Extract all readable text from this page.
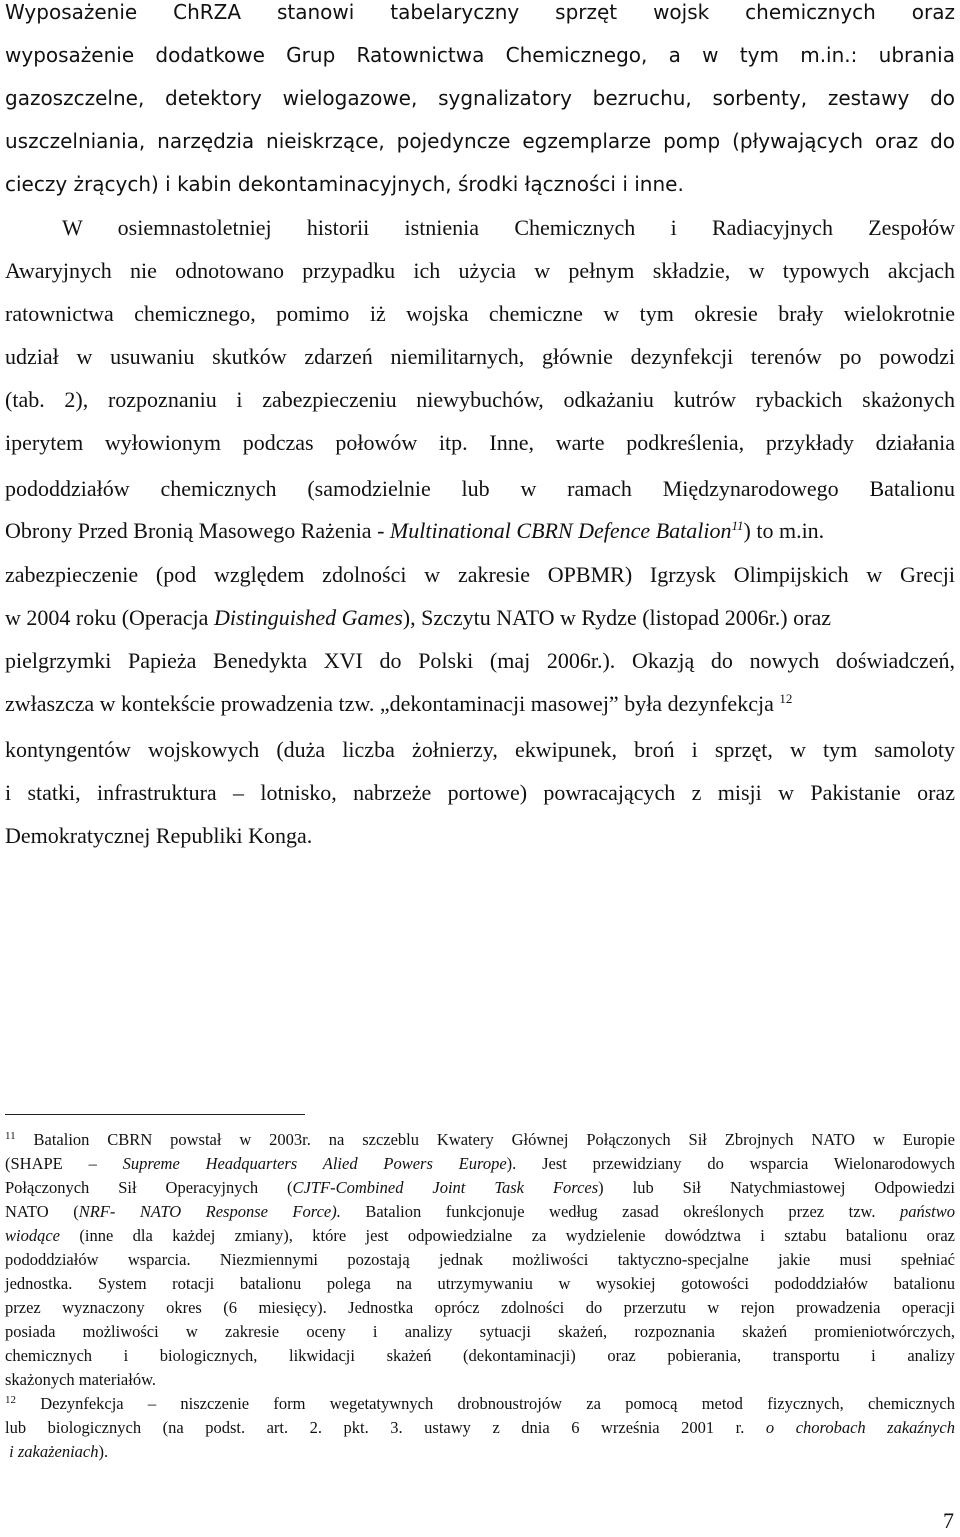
Wyposażenie ChRZA stanowi tabelaryczny sprzęt wojsk chemicznych oraz
wyposażenie dodatkowe Grup Ratownictwa Chemicznego, a w tym m.in.: ubrania
gazoszczelne, detektory wielogazowe, sygnalizatory bezruchu, sorbenty, zestawy do
uszczelniania, narzędzia nieiskrzące, pojedyncze egzemplarze pomp (pływających oraz do
cieczy żrących) i kabin dekontaminacyjnych, środki łączności i inne.
W osiemnastoletniej historii istnienia Chemicznych i Radiacyjnych Zespołów
Awaryjnych nie odnotowano przypadku ich użycia w pełnym składzie, w typowych akcjach
ratownictwa chemicznego, pomimo iż wojska chemiczne w tym okresie brały wielokrotnie
udział w usuwaniu skutków zdarzeń niemilitarnych, głównie dezynfekcji terenów po powodzi
(tab. 2), rozpoznaniu i zabezpieczeniu niewybuchów, odkażaniu kutrów rybackich skażonych
iperytem wyłowionym podczas połowów itp. Inne, warte podkreślenia, przykłady działania
pododdziałów chemicznych (samodzielnie lub w ramach Międzynarodowego Batalionu
Obrony Przed Bronią Masowego Rażenia - Multinational CBRN Defence Batalion$^{11}$) to m.in.
zabezpieczenie (pod względem zdolności w zakresie OPBMR) Igrzysk Olimpijskich w Grecji
w 2004 roku (Operacja Distinguished Games), Szczytu NATO w Rydze (listopad 2006r.) oraz
pielgrzymki Papieża Benedykta XVI do Polski (maj 2006r.). Okazją do nowych doświadczeń,
zwłaszcza w kontekście prowadzenia tzw. „dekontaminacji masowej” była dezynfekcja $^{12}$
kontyngentów wojskowych (duża liczba żołnierzy, ekwipunek, broń i sprzęt, w tym samoloty
i statki, infrastruktura – lotnisko, nabrzeże portowe) powracających z misji w Pakistanie oraz
Demokratycznej Republiki Konga.
$^{11}$ Batalion CBRN powstał w 2003r. na szczeblu Kwatery Głównej Połączonych Sił Zbrojnych NATO w Europie
(SHAPE – Supreme Headquarters Alied Powers Europe). Jest przewidziany do wsparcia Wielonarodowych
Połączonych Sił Operacyjnych (CJTF-Combined Joint Task Forces) lub Sił Natychmiastowej Odpowiedzi
NATO (NRF- NATO Response Force). Batalion funkcjonuje według zasad określonych przez tzw. państwo
wiodące (inne dla każdej zmiany), które jest odpowiedzialne za wydzielenie dowództwa i sztabu batalionu oraz
pododdziałów wsparcia. Niezmiennymi pozostają jednak możliwości taktyczno-specjalne jakie musi spełniać
jednostka. System rotacji batalionu polega na utrzymywaniu w wysokiej gotowości pododdziałów batalionu
przez wyznaczony okres (6 miesięcy). Jednostka oprócz zdolności do przerzutu w rejon prowadzenia operacji
posiada możliwości w zakresie oceny i analizy sytuacji skażeń, rozpoznania skażeń promieniotwórczych,
chemicznych i biologicznych, likwidacji skażeń (dekontaminacji) oraz pobierania, transportu i analizy
skażonych materiałów.
$^{12}$ Dezynfekcja – niszczenie form wegetatywnych drobnoustrojów za pomocą metod fizycznych, chemicznych
lub biologicznych (na podst. art. 2. pkt. 3. ustawy z dnia 6 września 2001 r. o chorobach zakaźnych
i zakażeniach).
7
